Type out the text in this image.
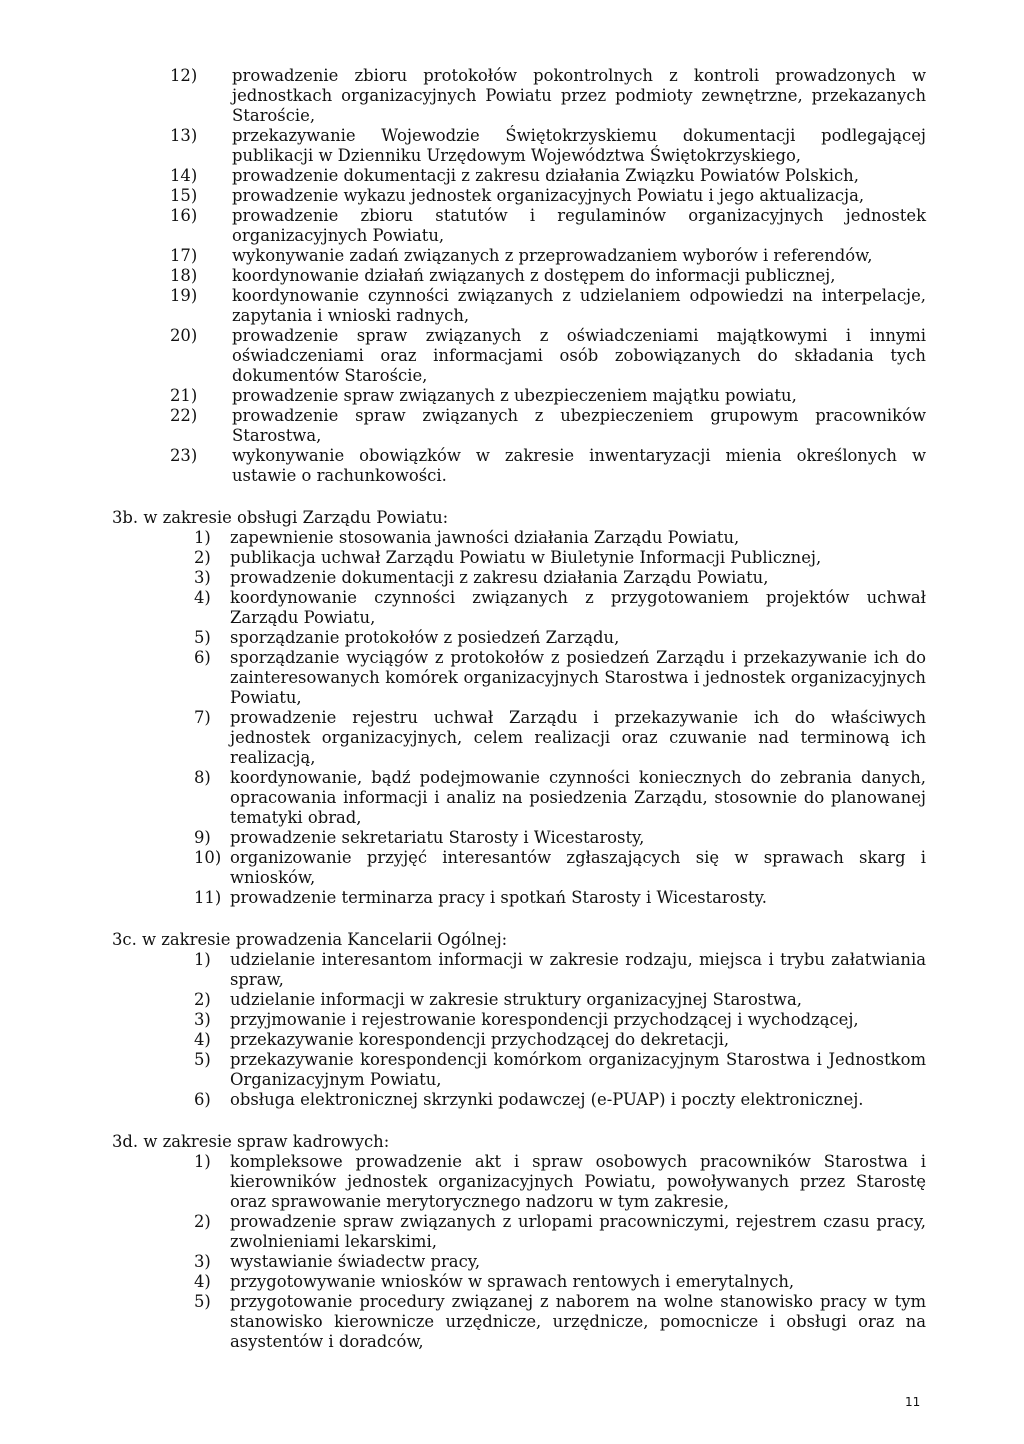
12)	prowadzenie zbioru protokołów pokontrolnych z kontroli prowadzonych w jednostkach organizacyjnych Powiatu przez podmioty zewnętrzne, przekazanych Staroście,
13)	przekazywanie Wojewodzie Świętokrzyskiemu dokumentacji podlegającej publikacji w Dzienniku Urzędowym Województwa Świętokrzyskiego,
14)	prowadzenie dokumentacji z zakresu działania Związku Powiatów Polskich,
15)	prowadzenie wykazu jednostek organizacyjnych Powiatu i jego aktualizacja,
16)	prowadzenie zbioru statutów i regulaminów organizacyjnych jednostek organizacyjnych Powiatu,
17)	wykonywanie zadań związanych z przeprowadzaniem wyborów i referendów,
18)	koordynowanie działań związanych z dostępem do informacji publicznej,
19)	koordynowanie czynności związanych z udzielaniem odpowiedzi na interpelacje, zapytania i wnioski radnych,
20)	prowadzenie spraw związanych z oświadczeniami majątkowymi i innymi oświadczeniami oraz informacjami osób zobowiązanych do składania tych dokumentów Staroście,
21)	prowadzenie spraw związanych z ubezpieczeniem majątku powiatu,
22)	prowadzenie spraw związanych z ubezpieczeniem grupowym pracowników Starostwa,
23)	wykonywanie obowiązków w zakresie inwentaryzacji mienia określonych w ustawie o rachunkowości.
3b. w zakresie obsługi Zarządu Powiatu:
1)	zapewnienie stosowania jawności działania Zarządu Powiatu,
2)	publikacja uchwał Zarządu Powiatu w Biuletynie Informacji Publicznej,
3)	prowadzenie dokumentacji z zakresu działania Zarządu Powiatu,
4)	koordynowanie czynności związanych z przygotowaniem projektów uchwał Zarządu Powiatu,
5)	sporządzanie protokołów z posiedzeń Zarządu,
6)	sporządzanie wyciągów z protokołów z posiedzeń Zarządu i przekazywanie ich do zainteresowanych komórek organizacyjnych Starostwa i jednostek organizacyjnych Powiatu,
7)	prowadzenie rejestru uchwał Zarządu i przekazywanie ich do właściwych jednostek organizacyjnych, celem realizacji oraz czuwanie nad terminową ich realizacją,
8)	koordynowanie, bądź podejmowanie czynności koniecznych do zebrania danych, opracowania informacji i analiz na posiedzenia Zarządu, stosownie do planowanej tematyki obrad,
9)	prowadzenie sekretariatu Starosty i Wicestarosty,
10) organizowanie przyjęć interesantów zgłaszających się w sprawach skarg i wniosków,
11) prowadzenie terminarza pracy i spotkań Starosty i Wicestarosty.
3c. w zakresie prowadzenia Kancelarii Ogólnej:
1)	udzielanie interesantom informacji w zakresie rodzaju, miejsca i trybu załatwiania spraw,
2)	udzielanie informacji w zakresie struktury organizacyjnej Starostwa,
3)	przyjmowanie i rejestrowanie korespondencji przychodzącej i wychodzącej,
4)	przekazywanie korespondencji przychodzącej do dekretacji,
5)	przekazywanie korespondencji komórkom organizacyjnym Starostwa i Jednostkom Organizacyjnym Powiatu,
6)	obsługa elektronicznej skrzynki podawczej (e-PUAP) i poczty elektronicznej.
3d. w zakresie spraw kadrowych:
1)	kompleksowe prowadzenie akt i spraw osobowych pracowników Starostwa i kierowników jednostek organizacyjnych Powiatu, powoływanych przez Starostę oraz sprawowanie merytorycznego nadzoru w tym zakresie,
2)	prowadzenie spraw związanych z urlopami pracowniczymi, rejestrem czasu pracy, zwolnieniami lekarskimi,
3)	wystawianie świadectw pracy,
4)	przygotowywanie wniosków w sprawach rentowych i emerytalnych,
5)	przygotowanie procedury związanej z naborem na wolne stanowisko pracy w tym stanowisko kierownicze urzędnicze, urzędnicze, pomocnicze i obsługi oraz na asystentów i doradców,
11
